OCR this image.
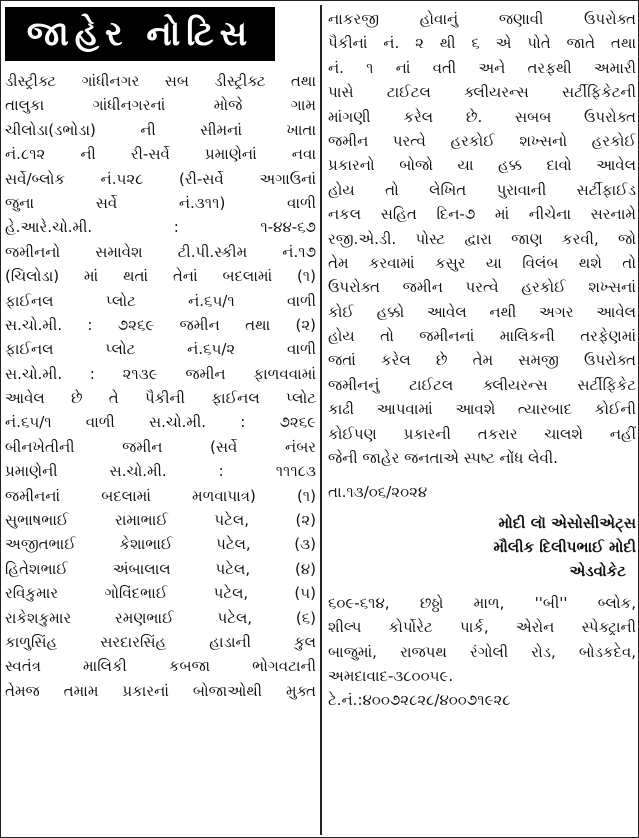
જાહેર નોટિસ
ડીસ્ટ્રીક્ટ ગાંધીનગર સબ ડીસ્ટ્રીક્ટ તથા
તાલુકા ગાંધીનગરનાં મોજે ગામ
ચીલોડા(ડભોડા) ની સીમનાં ખાતા
નં.૮૧૨ ની રી-સર્વે પ્રમાણેનાં નવા
સર્વે/બ્લોક નં.૫૨૮ (રી-સર્વે અગાઉનાં
જુના સર્વે નં.૩૧૧) વાળી
હે.આરે.ચો.મી. : ૧-૪૪-૬૭
જમીનનો સમાવેશ ટી.પી.સ્કીમ નં.૧૭
(ચિલોડા) માં થતાં તેનાં બદલામાં (૧)
ફાઈનલ પ્લોટ નં.૬૫/૧ વાળી
સ.ચો.મી. : ૭૨૬૯ જમીન તથા (૨)
ફાઈનલ પ્લોટ નં.૬૫/૨ વાળી
સ.ચો.મી. : ૨૧૩૯ જમીન ફાળવવામાં
આવેલ છે તે પૈકીની ફાઈનલ પ્લોટ
નં.૬૫/૧ વાળી સ.ચો.મી. : ૭૨૬૯
બીનખેતીની જમીન (સર્વે નંબર
પ્રમાણેની સ.ચો.મી. : ૧૧૧૮૩
જમીનનાં બદલામાં મળવાપાત્ર) (૧)
સુભાષભાઈ રામાભાઈ પટેલ, (૨)
અજીતભાઈ કેશાભાઈ પટેલ, (૩)
હિતેશભાઈ અંબાલાલ પટેલ, (૪)
રવિકુમાર ગોવિંદભાઈ પટેલ, (૫)
રાકેશકુમાર રમણભાઈ પટેલ, (૬)
કાળુસિંહ સરદારસિંહ હાડાની કુલ
સ્વતંત્ર માલિકી કબજા ભોગવટાની
તેમજ તમામ પ્રકારનાં બોજાઓથી મુક્ત
નાકરજી હોવાનું જણાવી ઉપરોક્ત
પૈકીનાં નં. ૨ થી ૬ એ પોતે જાતે તથા
નં. ૧ નાં વતી અને તરફથી અમારી
પાસે ટાઈટલ ક્લીયરન્સ સર્ટીફિકેટની
માંગણી કરેલ છે. સબબ ઉપરોક્ત
જમીન પરત્વે હરકોઈ શખ્સનો હરકોઈ
પ્રકારનો બોજો યા હક્ક દાવો આવેલ
હોય તો લેખિત પુરાવાની સર્ટીફાઈડ
નકલ સહિત દિન-૭ માં નીચેના સરનામે
રજી.એ.ડી. પોસ્ટ દ્વારા જાણ કરવી, જો
તેમ કરવામાં કસુર યા વિલંબ થશે તો
ઉપરોક્ત જમીન પરત્વે હરકોઈ શખ્સનાં
કોઈ હક્કો આવેલ નથી અગર આવેલ
હોય તો જમીનનાં માલિકની તરફેણમાં
જતાં કરેલ છે તેમ સમજી ઉપરોક્ત
જમીનનું ટાઈટલ ક્લીયરન્સ સર્ટીફિકેટ
કાઢી આપવામાં આવશે ત્યારબાદ કોઈની
કોઈપણ પ્રકારની તકરાર ચાલશે નહીં
જેની જાહેર જનતાએ સ્પષ્ટ નોંધ લેવી.
તા.૧૩/૦૬/૨૦૨૪
મોદી લૉ એસોસીએટ્સ
મૌલીક દિલીપભાઈ મોદી
એડવોકેટ
૬૦૯-૬૧૪, છઠ્ઠો માળ, ''બી'' બ્લોક,
શીલ્પ કોર્પોરેટ પાર્ક, એરોન સ્પેક્ટ્રાની
બાજુમાં, રાજપથ રંગોલી રોડ, બોડકદેવ,
અમદાવાદ-૩૮૦૦૫૯.
ટે.નં.:૪૦૦૭૨૮૨૮/૪૦૦૭૧૯૨૮
